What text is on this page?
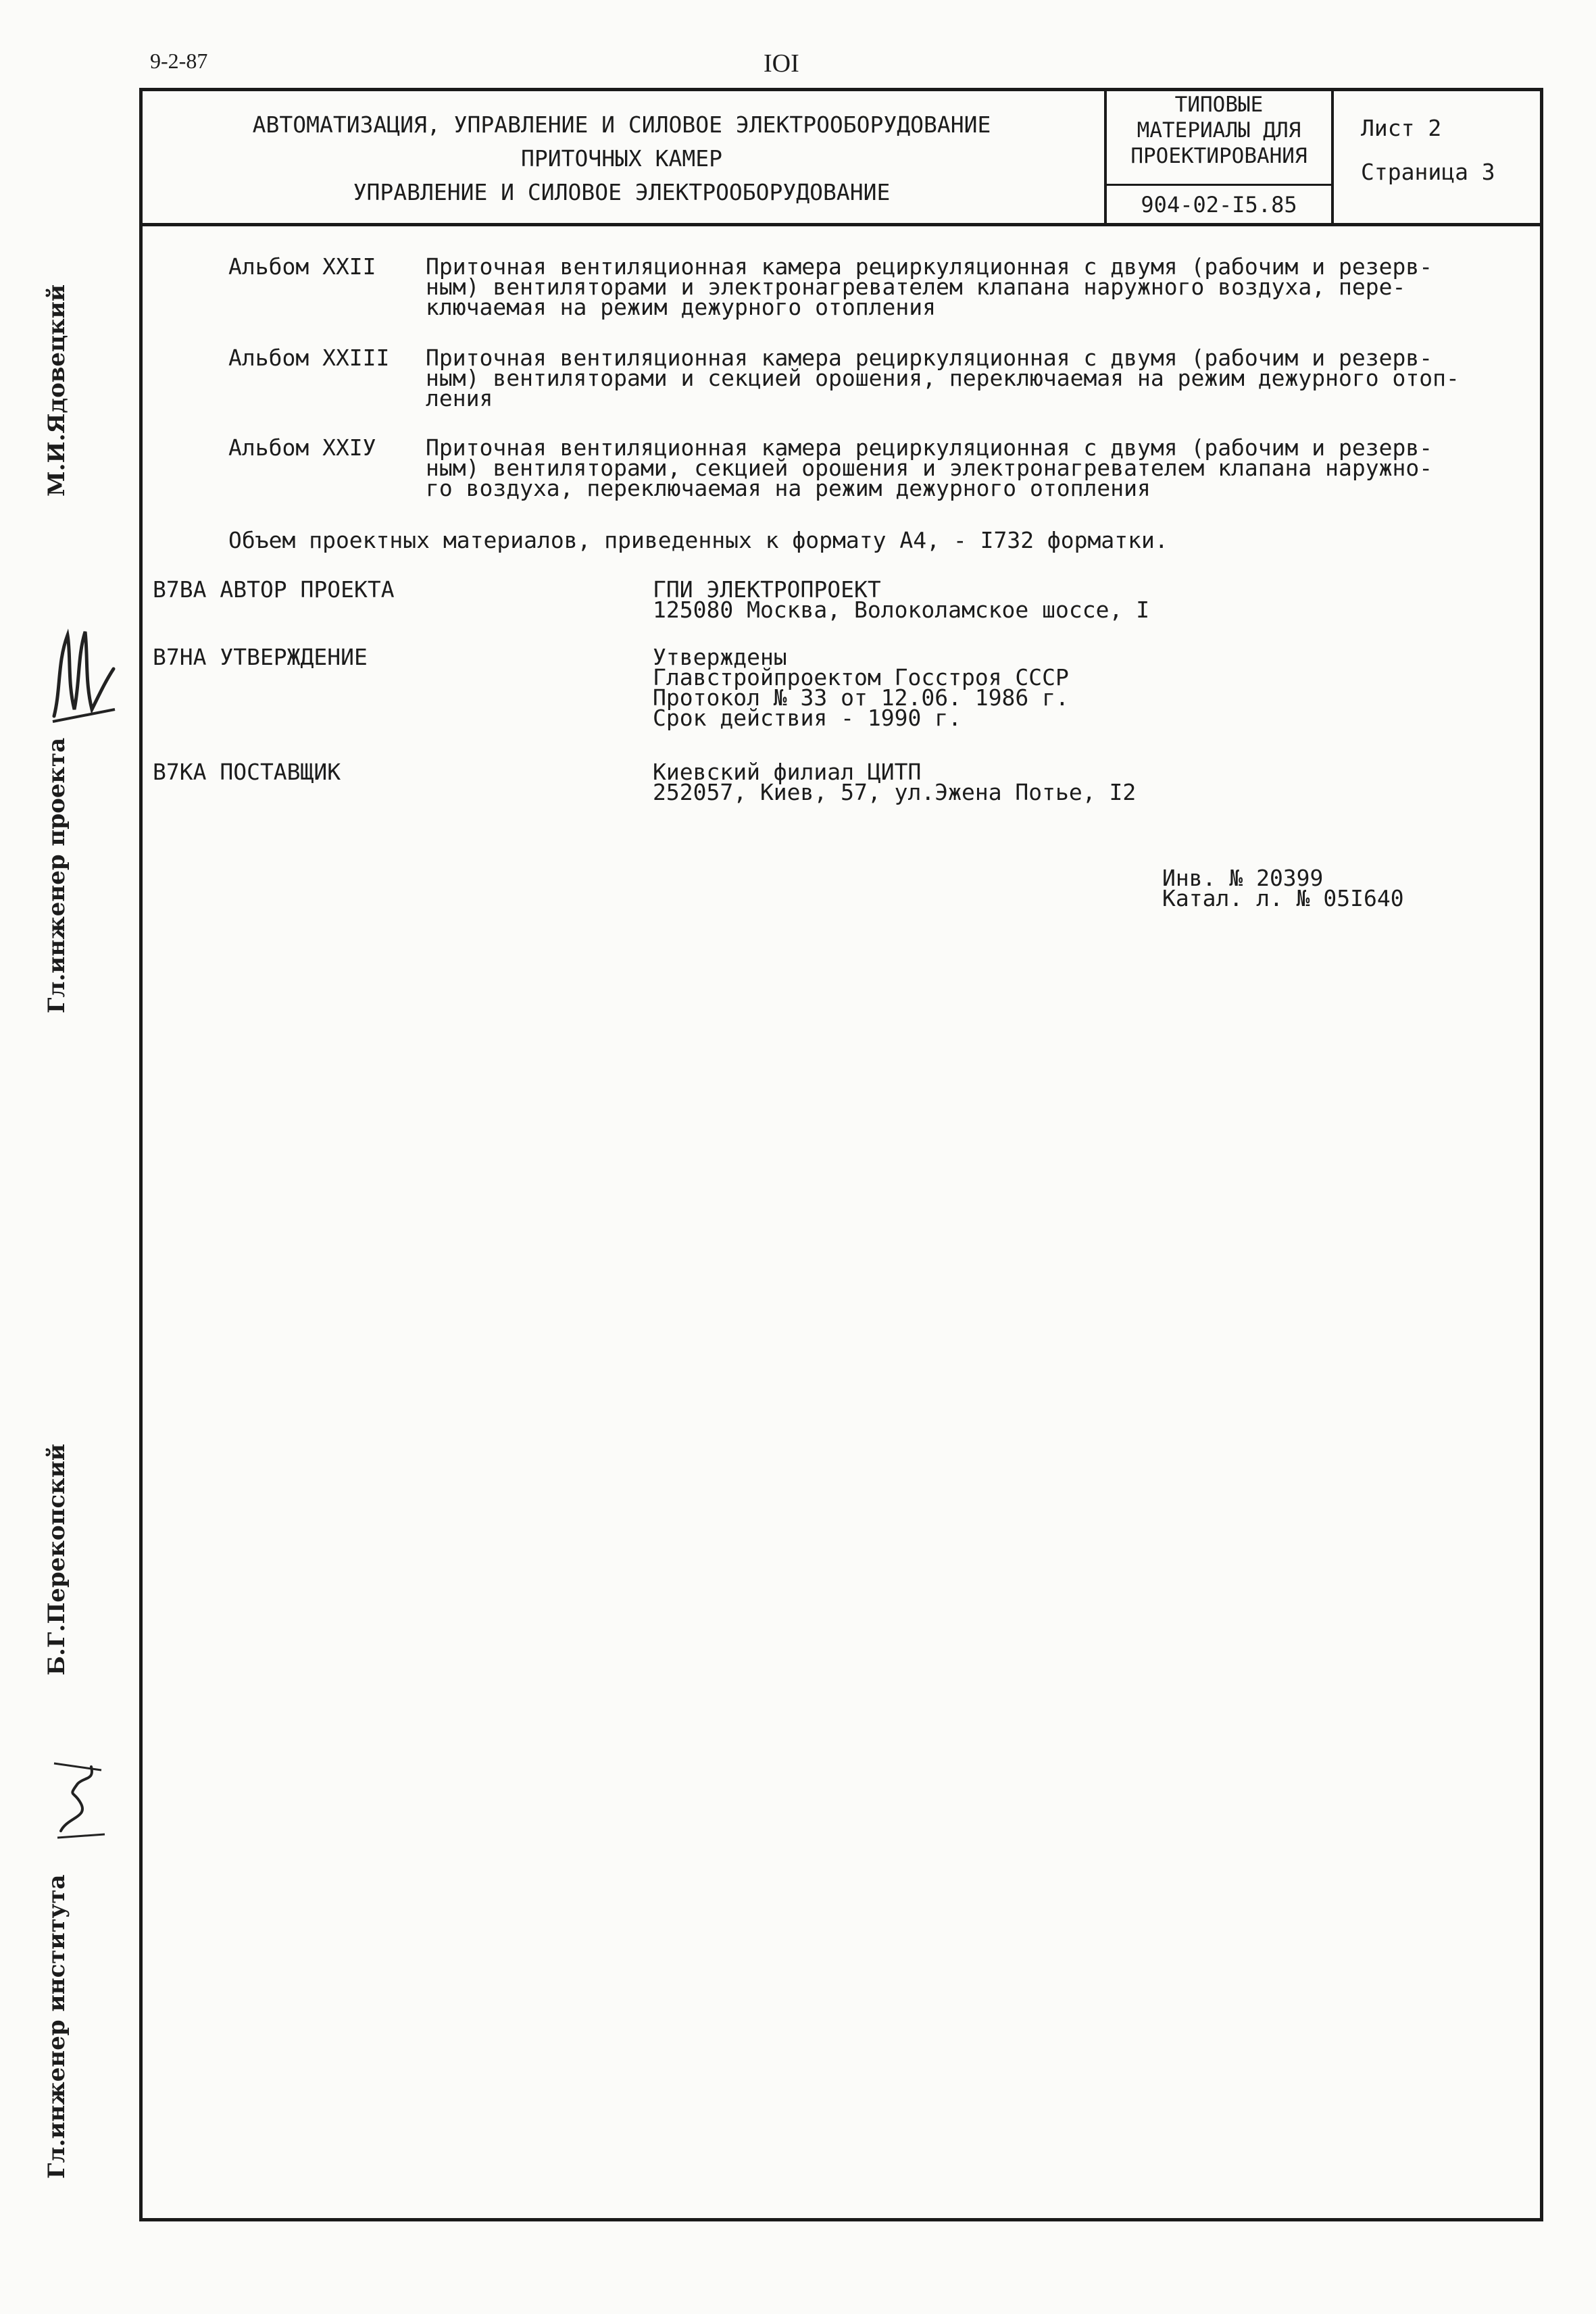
9-2-87	IOI
АВТОМАТИЗАЦИЯ, УПРАВЛЕНИЕ И СИЛОВОЕ ЭЛЕКТРООБОРУДОВАНИЕ
ПРИТОЧНЫХ КАМЕР
УПРАВЛЕНИЕ И СИЛОВОЕ ЭЛЕКТРООБОРУДОВАНИЕ
ТИПОВЫЕ
МАТЕРИАЛЫ ДЛЯ
ПРОЕКТИРОВАНИЯ
904-02-I5.85
Лист 2
Страница 3
Альбом XXII Приточная вентиляционная камера рециркуляционная с двумя (рабочим и резерв-
ным) вентиляторами и электронагревателем клапана наружного воздуха, пере-
ключаемая на режим дежурного отопления
Альбом XXIII Приточная вентиляционная камера рециркуляционная с двумя (рабочим и резерв-
ным) вентиляторами и секцией орошения, переключаемая на режим дежурного отоп-
ления
Альбом XXIУ Приточная вентиляционная камера рециркуляционная с двумя (рабочим и резерв-
ным) вентиляторами, секцией орошения и электронагревателем клапана наружно-
го воздуха, переключаемая на режим дежурного отопления
Объем проектных материалов, приведенных к формату А4, - I732 форматки.
В7ВА АВТОР ПРОЕКТА	ГПИ ЭЛЕКТРОПРОЕКТ
125080 Москва, Волоколамское шоссе, I
В7НА УТВЕРЖДЕНИЕ	Утверждены
Главстройпроектом Госстроя СССР
Протокол № 33 от 12.06. 1986 г.
Срок действия - 1990 г.
В7КА ПОСТАВЩИК	Киевский филиал ЦИТП
252057, Киев, 57, ул.Эжена Потье, I2
Инв. № 20399
Катал. л. № 05I640
М.И.Ядовецкий
Гл.инженер проекта
Б.Г.Перекопский
Гл.инженер института
